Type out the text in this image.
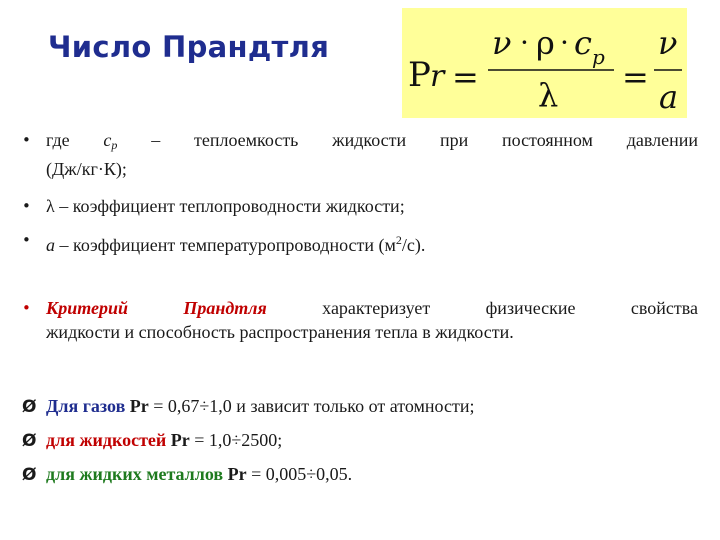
Число Прандтля
P r =
ν · ρ · c p
λ =
ν
a
• где $c_p$ – теплоемкость жидкости при постоянном давлении
(Дж/кг·К);
• λ – коэффициент теплопроводности жидкости;
• a – коэффициент температуропроводности $(м^2/с)$.
• Критерий Прандтля характеризует физические свойства
жидкости и способность распространения тепла в жидкости.
Ø Для газов Pr = 0,67÷1,0 и зависит только от атомности;
Ø для жидкостей Pr = 1,0÷2500;
Ø для жидких металлов Pr = 0,005÷0,05.
